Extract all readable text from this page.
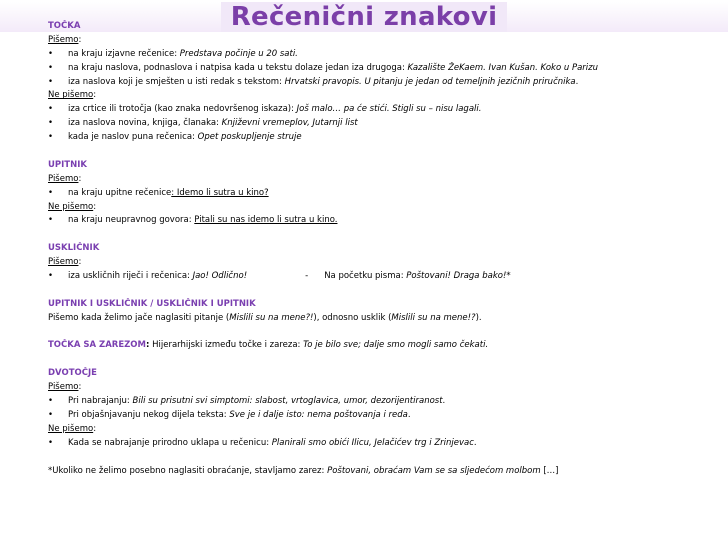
Rečenični znakovi
TOČKA
Pišemo:
• na kraju izjavne rečenice: Predstava počinje u 20 sati.
• na kraju naslova, podnaslova i natpisa kada u tekstu dolaze jedan iza drugoga: Kazalište ŽeKaem. Ivan Kušan. Koko u Parizu
• iza naslova koji je smješten u isti redak s tekstom: Hrvatski pravopis. U pitanju je jedan od temeljnih jezičnih priručnika.
Ne pišemo:
• iza crtice ili trotočja (kao znaka nedovršenog iskaza): Još malo… pa će stići. Stigli su – nisu lagali.
• iza naslova novina, knjiga, članaka: Književni vremeplov, Jutarnji list
• kada je naslov puna rečenica: Opet poskupljenje struje
UPITNIK
Pišemo:
• na kraju upitne rečenice: Idemo li sutra u kino?
Ne pišemo:
• na kraju neupravnog govora: Pitali su nas idemo li sutra u kino.
USKLIČNIK
Pišemo:
• iza uskličnih riječi i rečenica: Jao! Odlično!	- Na početku pisma: Poštovani! Draga bako!*
UPITNIK I USKLIČNIK / USKLIČNIK I UPITNIK
Pišemo kada želimo jače naglasiti pitanje (Mislili su na mene?!), odnosno usklik (Mislili su na mene!?).
TOČKA SA ZAREZOM: Hijerarhijski između točke i zareza: To je bilo sve; dalje smo mogli samo čekati.
DVOTOČJE
Pišemo:
• Pri nabrajanju: Bili su prisutni svi simptomi: slabost, vrtoglavica, umor, dezorijentiranost.
• Pri objašnjavanju nekog dijela teksta: Sve je i dalje isto: nema poštovanja i reda.
Ne pišemo:
• Kada se nabrajanje prirodno uklapa u rečenicu: Planirali smo obići Ilicu, Jelačićev trg i Zrinjevac.
*Ukoliko ne želimo posebno naglasiti obraćanje, stavljamo zarez: Poštovani, obraćam Vam se sa sljedećom molbom […]
